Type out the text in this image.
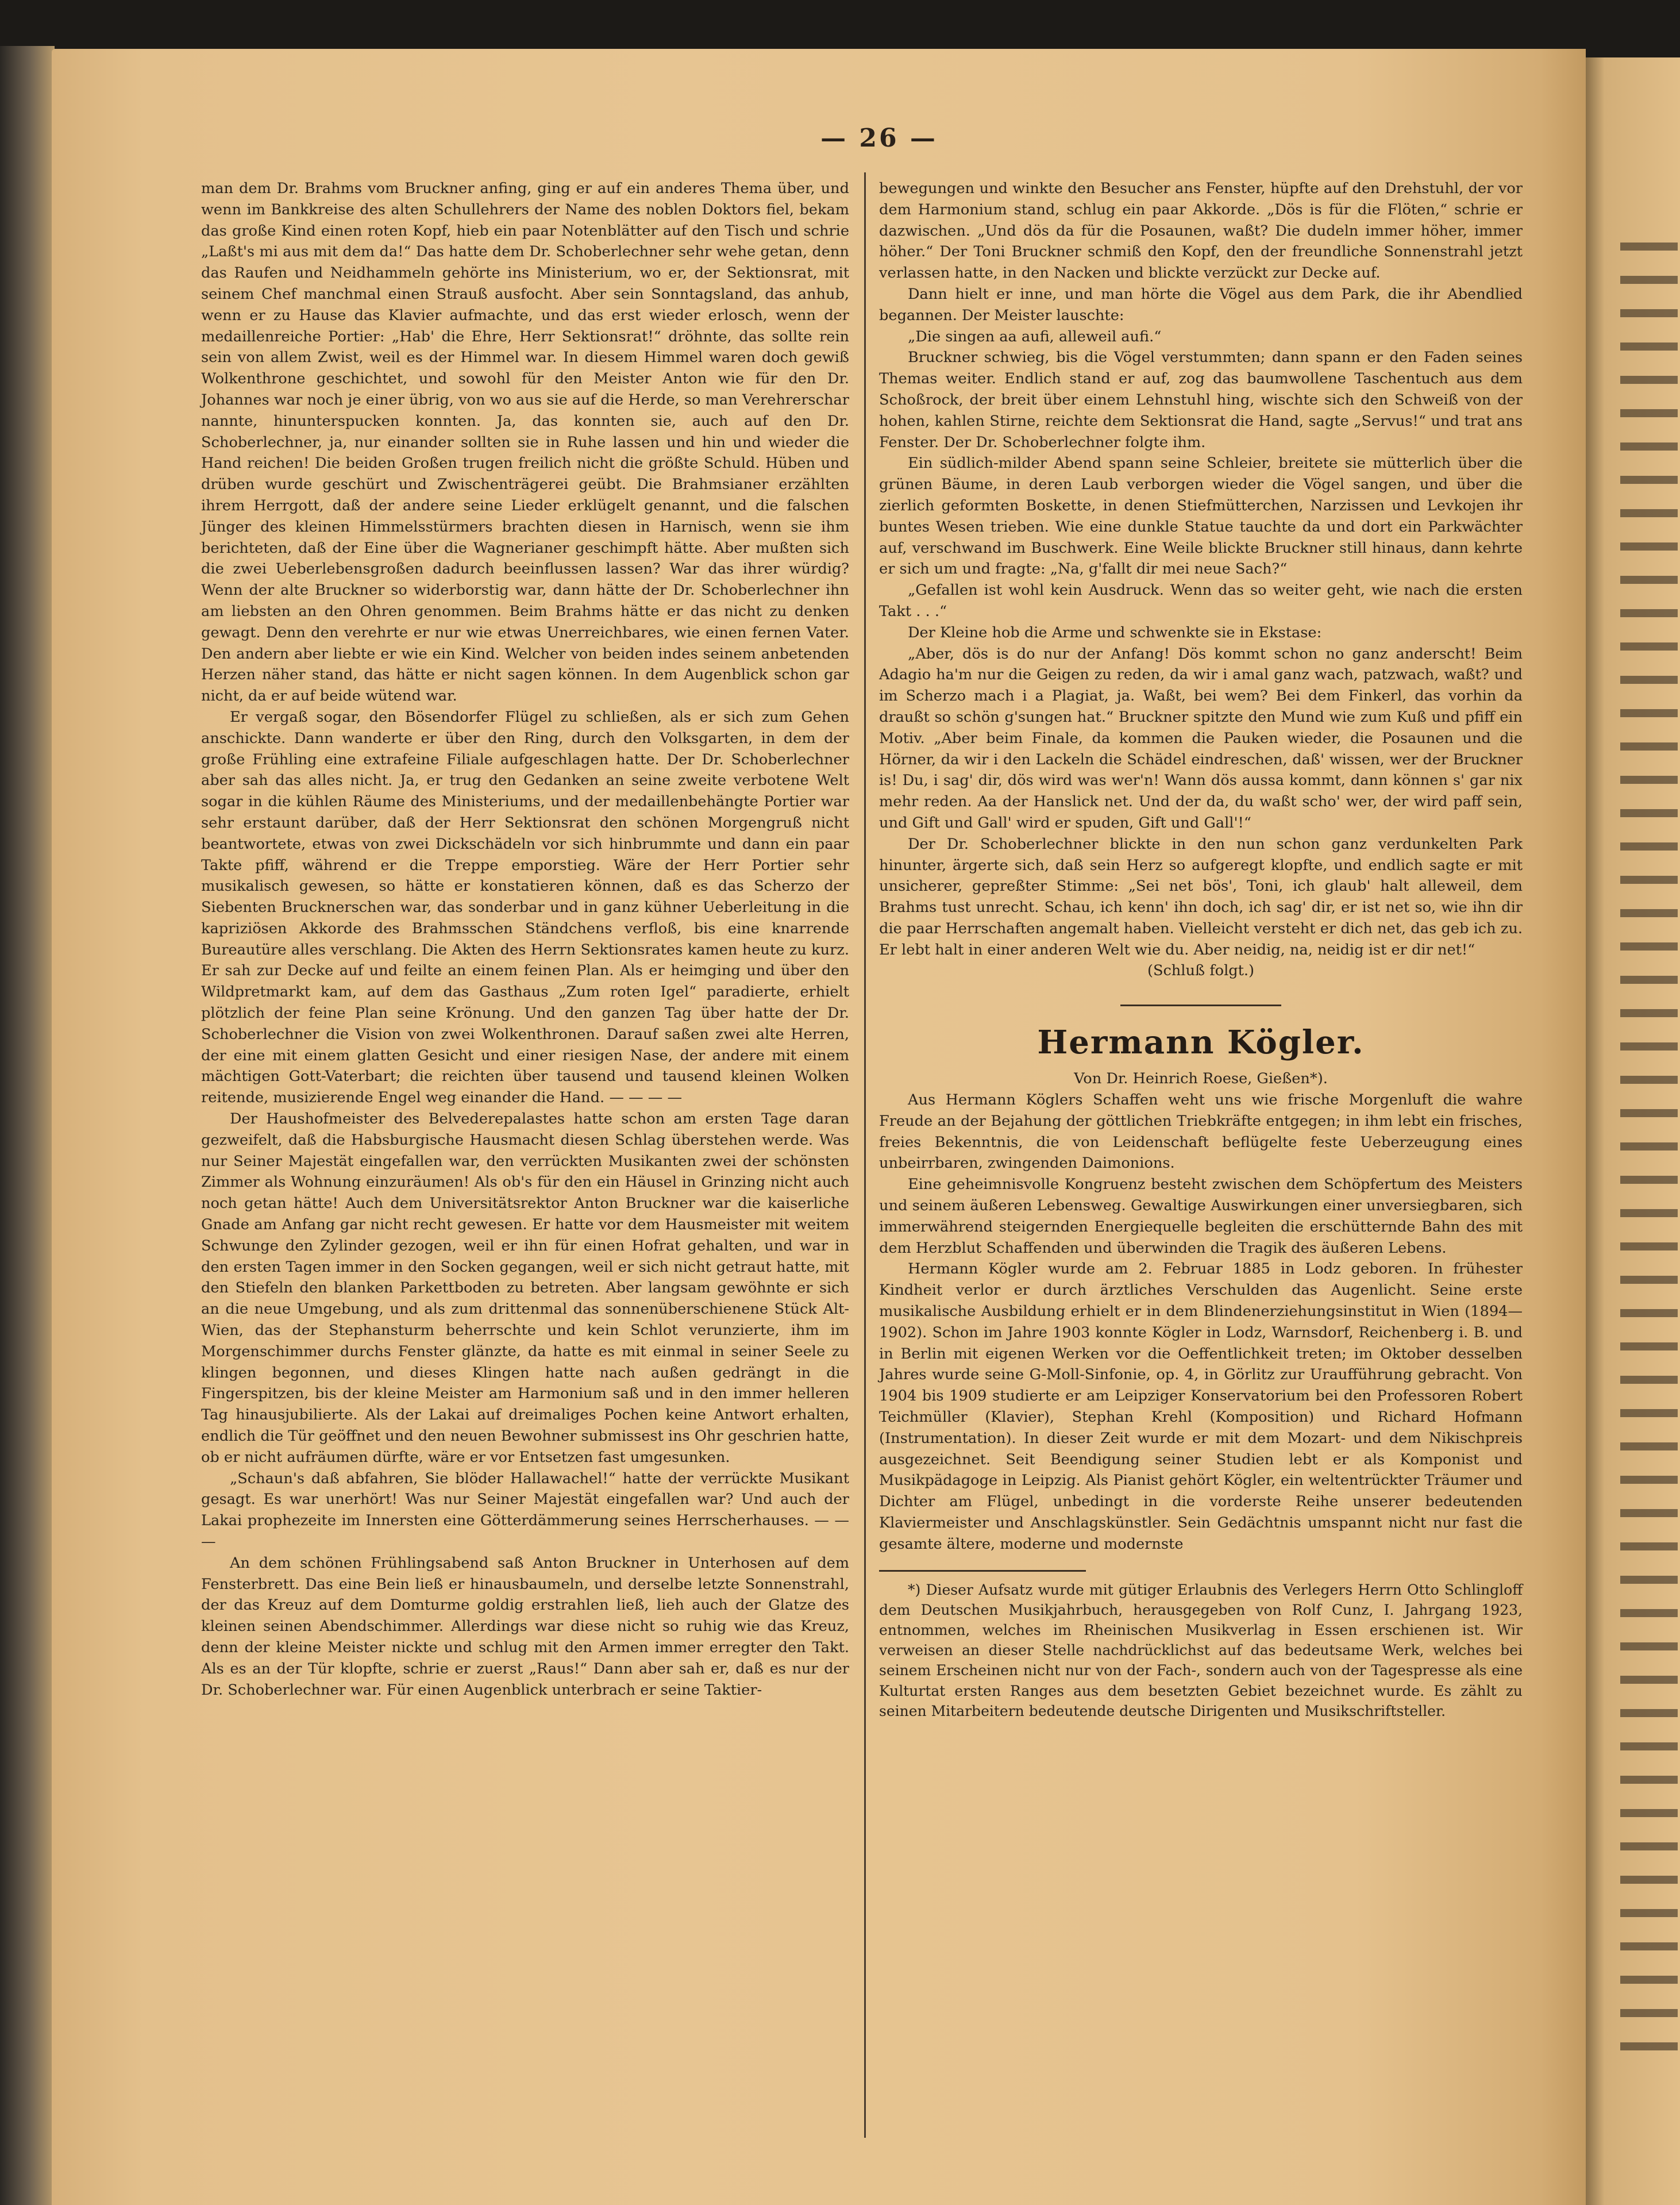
— 26 —

man dem Dr. Brahms vom Bruckner anfing, ging er auf ein anderes Thema über, und wenn im Bankkreise des alten Schullehrers der Name des noblen Doktors fiel, bekam das große Kind einen roten Kopf, hieb ein paar Notenblätter auf den Tisch und schrie „Laßt's mi aus mit dem da!“ Das hatte dem Dr. Schoberlechner sehr wehe getan, denn das Raufen und Neidhammeln gehörte ins Ministerium, wo er, der Sektionsrat, mit seinem Chef manchmal einen Strauß ausfocht. Aber sein Sonntagsland, das anhub, wenn er zu Hause das Klavier aufmachte, und das erst wieder erlosch, wenn der medaillenreiche Portier: „Hab' die Ehre, Herr Sektionsrat!“ dröhnte, das sollte rein sein von allem Zwist, weil es der Himmel war. In diesem Himmel waren doch gewiß Wolkenthrone geschichtet, und sowohl für den Meister Anton wie für den Dr. Johannes war noch je einer übrig, von wo aus sie auf die Herde, so man Verehrerschar nannte, hinunterspucken konnten. Ja, das konnten sie, auch auf den Dr. Schoberlechner, ja, nur einander sollten sie in Ruhe lassen und hin und wieder die Hand reichen! Die beiden Großen trugen freilich nicht die größte Schuld. Hüben und drüben wurde geschürt und Zwischenträgerei geübt. Die Brahmsianer erzählten ihrem Herrgott, daß der andere seine Lieder erklügelt genannt, und die falschen Jünger des kleinen Himmelsstürmers brachten diesen in Harnisch, wenn sie ihm berichteten, daß der Eine über die Wagnerianer geschimpft hätte. Aber mußten sich die zwei Ueberlebensgroßen dadurch beeinflussen lassen? War das ihrer würdig? Wenn der alte Bruckner so widerborstig war, dann hätte der Dr. Schoberlechner ihn am liebsten an den Ohren genommen. Beim Brahms hätte er das nicht zu denken gewagt. Denn den verehrte er nur wie etwas Unerreichbares, wie einen fernen Vater. Den andern aber liebte er wie ein Kind. Welcher von beiden indes seinem anbetenden Herzen näher stand, das hätte er nicht sagen können. In dem Augenblick schon gar nicht, da er auf beide wütend war.

Er vergaß sogar, den Bösendorfer Flügel zu schließen, als er sich zum Gehen anschickte. Dann wanderte er über den Ring, durch den Volksgarten, in dem der große Frühling eine extrafeine Filiale aufgeschlagen hatte. Der Dr. Schoberlechner aber sah das alles nicht. Ja, er trug den Gedanken an seine zweite verbotene Welt sogar in die kühlen Räume des Ministeriums, und der medaillenbehängte Portier war sehr erstaunt darüber, daß der Herr Sektionsrat den schönen Morgengruß nicht beantwortete, etwas von zwei Dickschädeln vor sich hinbrummte und dann ein paar Takte pfiff, während er die Treppe emporstieg. Wäre der Herr Portier sehr musikalisch gewesen, so hätte er konstatieren können, daß es das Scherzo der Siebenten Brucknerschen war, das sonderbar und in ganz kühner Ueberleitung in die kapriziösen Akkorde des Brahmsschen Ständchens verfloß, bis eine knarrende Bureautüre alles verschlang. Die Akten des Herrn Sektionsrates kamen heute zu kurz. Er sah zur Decke auf und feilte an einem feinen Plan. Als er heimging und über den Wildpretmarkt kam, auf dem das Gasthaus „Zum roten Igel“ paradierte, erhielt plötzlich der feine Plan seine Krönung. Und den ganzen Tag über hatte der Dr. Schoberlechner die Vision von zwei Wolkenthronen. Darauf saßen zwei alte Herren, der eine mit einem glatten Gesicht und einer riesigen Nase, der andere mit einem mächtigen Gott-Vaterbart; die reichten über tausend und tausend kleinen Wolken reitende, musizierende Engel weg einander die Hand. — — — —

Der Haushofmeister des Belvederepalastes hatte schon am ersten Tage daran gezweifelt, daß die Habsburgische Hausmacht diesen Schlag überstehen werde. Was nur Seiner Majestät eingefallen war, den verrückten Musikanten zwei der schönsten Zimmer als Wohnung einzuräumen! Als ob's für den ein Häusel in Grinzing nicht auch noch getan hätte! Auch dem Universitätsrektor Anton Bruckner war die kaiserliche Gnade am Anfang gar nicht recht gewesen. Er hatte vor dem Hausmeister mit weitem Schwunge den Zylinder gezogen, weil er ihn für einen Hofrat gehalten, und war in den ersten Tagen immer in den Socken gegangen, weil er sich nicht getraut hatte, mit den Stiefeln den blanken Parkettboden zu betreten. Aber langsam gewöhnte er sich an die neue Umgebung, und als zum drittenmal das sonnenüberschienene Stück Alt-Wien, das der Stephansturm beherrschte und kein Schlot verunzierte, ihm im Morgenschimmer durchs Fenster glänzte, da hatte es mit einmal in seiner Seele zu klingen begonnen, und dieses Klingen hatte nach außen gedrängt in die Fingerspitzen, bis der kleine Meister am Harmonium saß und in den immer helleren Tag hinausjubilierte. Als der Lakai auf dreimaliges Pochen keine Antwort erhalten, endlich die Tür geöffnet und den neuen Bewohner submissest ins Ohr geschrien hatte, ob er nicht aufräumen dürfte, wäre er vor Entsetzen fast umgesunken.

„Schaun's daß abfahren, Sie blöder Hallawachel!“ hatte der verrückte Musikant gesagt. Es war unerhört! Was nur Seiner Majestät eingefallen war? Und auch der Lakai prophezeite im Innersten eine Götterdämmerung seines Herrscherhauses. — — —

An dem schönen Frühlingsabend saß Anton Bruckner in Unterhosen auf dem Fensterbrett. Das eine Bein ließ er hinausbaumeln, und derselbe letzte Sonnenstrahl, der das Kreuz auf dem Domturme goldig erstrahlen ließ, lieh auch der Glatze des kleinen seinen Abendschimmer. Allerdings war diese nicht so ruhig wie das Kreuz, denn der kleine Meister nickte und schlug mit den Armen immer erregter den Takt. Als es an der Tür klopfte, schrie er zuerst „Raus!“ Dann aber sah er, daß es nur der Dr. Schoberlechner war. Für einen Augenblick unterbrach er seine Taktier-

bewegungen und winkte den Besucher ans Fenster, hüpfte auf den Drehstuhl, der vor dem Harmonium stand, schlug ein paar Akkorde. „Dös is für die Flöten,“ schrie er dazwischen. „Und dös da für die Posaunen, waßt? Die dudeln immer höher, immer höher.“ Der Toni Bruckner schmiß den Kopf, den der freundliche Sonnenstrahl jetzt verlassen hatte, in den Nacken und blickte verzückt zur Decke auf.

Dann hielt er inne, und man hörte die Vögel aus dem Park, die ihr Abendlied begannen. Der Meister lauschte:

„Die singen aa aufi, alleweil aufi.“

Bruckner schwieg, bis die Vögel verstummten; dann spann er den Faden seines Themas weiter. Endlich stand er auf, zog das baumwollene Taschentuch aus dem Schoßrock, der breit über einem Lehnstuhl hing, wischte sich den Schweiß von der hohen, kahlen Stirne, reichte dem Sektionsrat die Hand, sagte „Servus!“ und trat ans Fenster. Der Dr. Schoberlechner folgte ihm.

Ein südlich-milder Abend spann seine Schleier, breitete sie mütterlich über die grünen Bäume, in deren Laub verborgen wieder die Vögel sangen, und über die zierlich geformten Boskette, in denen Stiefmütterchen, Narzissen und Levkojen ihr buntes Wesen trieben. Wie eine dunkle Statue tauchte da und dort ein Parkwächter auf, verschwand im Buschwerk. Eine Weile blickte Bruckner still hinaus, dann kehrte er sich um und fragte: „Na, g'fallt dir mei neue Sach?“

„Gefallen ist wohl kein Ausdruck. Wenn das so weiter geht, wie nach die ersten Takt . . .“

Der Kleine hob die Arme und schwenkte sie in Ekstase:

„Aber, dös is do nur der Anfang! Dös kommt schon no ganz anderscht! Beim Adagio ha'm nur die Geigen zu reden, da wir i amal ganz wach, patzwach, waßt? und im Scherzo mach i a Plagiat, ja. Waßt, bei wem? Bei dem Finkerl, das vorhin da draußt so schön g'sungen hat.“ Bruckner spitzte den Mund wie zum Kuß und pfiff ein Motiv. „Aber beim Finale, da kommen die Pauken wieder, die Posaunen und die Hörner, da wir i den Lackeln die Schädel eindreschen, daß' wissen, wer der Bruckner is! Du, i sag' dir, dös wird was wer'n! Wann dös aussa kommt, dann können s' gar nix mehr reden. Aa der Hanslick net. Und der da, du waßt scho' wer, der wird paff sein, und Gift und Gall' wird er spuden, Gift und Gall'!“

Der Dr. Schoberlechner blickte in den nun schon ganz verdunkelten Park hinunter, ärgerte sich, daß sein Herz so aufgeregt klopfte, und endlich sagte er mit unsicherer, gepreßter Stimme: „Sei net bös', Toni, ich glaub' halt alleweil, dem Brahms tust unrecht. Schau, ich kenn' ihn doch, ich sag' dir, er ist net so, wie ihn dir die paar Herrschaften angemalt haben. Vielleicht versteht er dich net, das geb ich zu. Er lebt halt in einer anderen Welt wie du. Aber neidig, na, neidig ist er dir net!“

(Schluß folgt.)

Hermann Kögler.

Von Dr. Heinrich Roese, Gießen*).

Aus Hermann Köglers Schaffen weht uns wie frische Morgenluft die wahre Freude an der Bejahung der göttlichen Triebkräfte entgegen; in ihm lebt ein frisches, freies Bekenntnis, die von Leidenschaft beflügelte feste Ueberzeugung eines unbeirrbaren, zwingenden Daimonions.

Eine geheimnisvolle Kongruenz besteht zwischen dem Schöpfertum des Meisters und seinem äußeren Lebensweg. Gewaltige Auswirkungen einer unversiegbaren, sich immerwährend steigernden Energiequelle begleiten die erschütternde Bahn des mit dem Herzblut Schaffenden und überwinden die Tragik des äußeren Lebens.

Hermann Kögler wurde am 2. Februar 1885 in Lodz geboren. In frühester Kindheit verlor er durch ärztliches Verschulden das Augenlicht. Seine erste musikalische Ausbildung erhielt er in dem Blindenerziehungsinstitut in Wien (1894—1902). Schon im Jahre 1903 konnte Kögler in Lodz, Warnsdorf, Reichenberg i. B. und in Berlin mit eigenen Werken vor die Oeffentlichkeit treten; im Oktober desselben Jahres wurde seine G-Moll-Sinfonie, op. 4, in Görlitz zur Uraufführung gebracht. Von 1904 bis 1909 studierte er am Leipziger Konservatorium bei den Professoren Robert Teichmüller (Klavier), Stephan Krehl (Komposition) und Richard Hofmann (Instrumentation). In dieser Zeit wurde er mit dem Mozart- und dem Nikischpreis ausgezeichnet. Seit Beendigung seiner Studien lebt er als Komponist und Musikpädagoge in Leipzig. Als Pianist gehört Kögler, ein weltentrückter Träumer und Dichter am Flügel, unbedingt in die vorderste Reihe unserer bedeutenden Klaviermeister und Anschlagskünstler. Sein Gedächtnis umspannt nicht nur fast die gesamte ältere, moderne und modernste

*) Dieser Aufsatz wurde mit gütiger Erlaubnis des Verlegers Herrn Otto Schlingloff dem Deutschen Musikjahrbuch, herausgegeben von Rolf Cunz, I. Jahrgang 1923, entnommen, welches im Rheinischen Musikverlag in Essen erschienen ist. Wir verweisen an dieser Stelle nachdrücklichst auf das bedeutsame Werk, welches bei seinem Erscheinen nicht nur von der Fach-, sondern auch von der Tagespresse als eine Kulturtat ersten Ranges aus dem besetzten Gebiet bezeichnet wurde. Es zählt zu seinen Mitarbeitern bedeutende deutsche Dirigenten und Musikschriftsteller.
